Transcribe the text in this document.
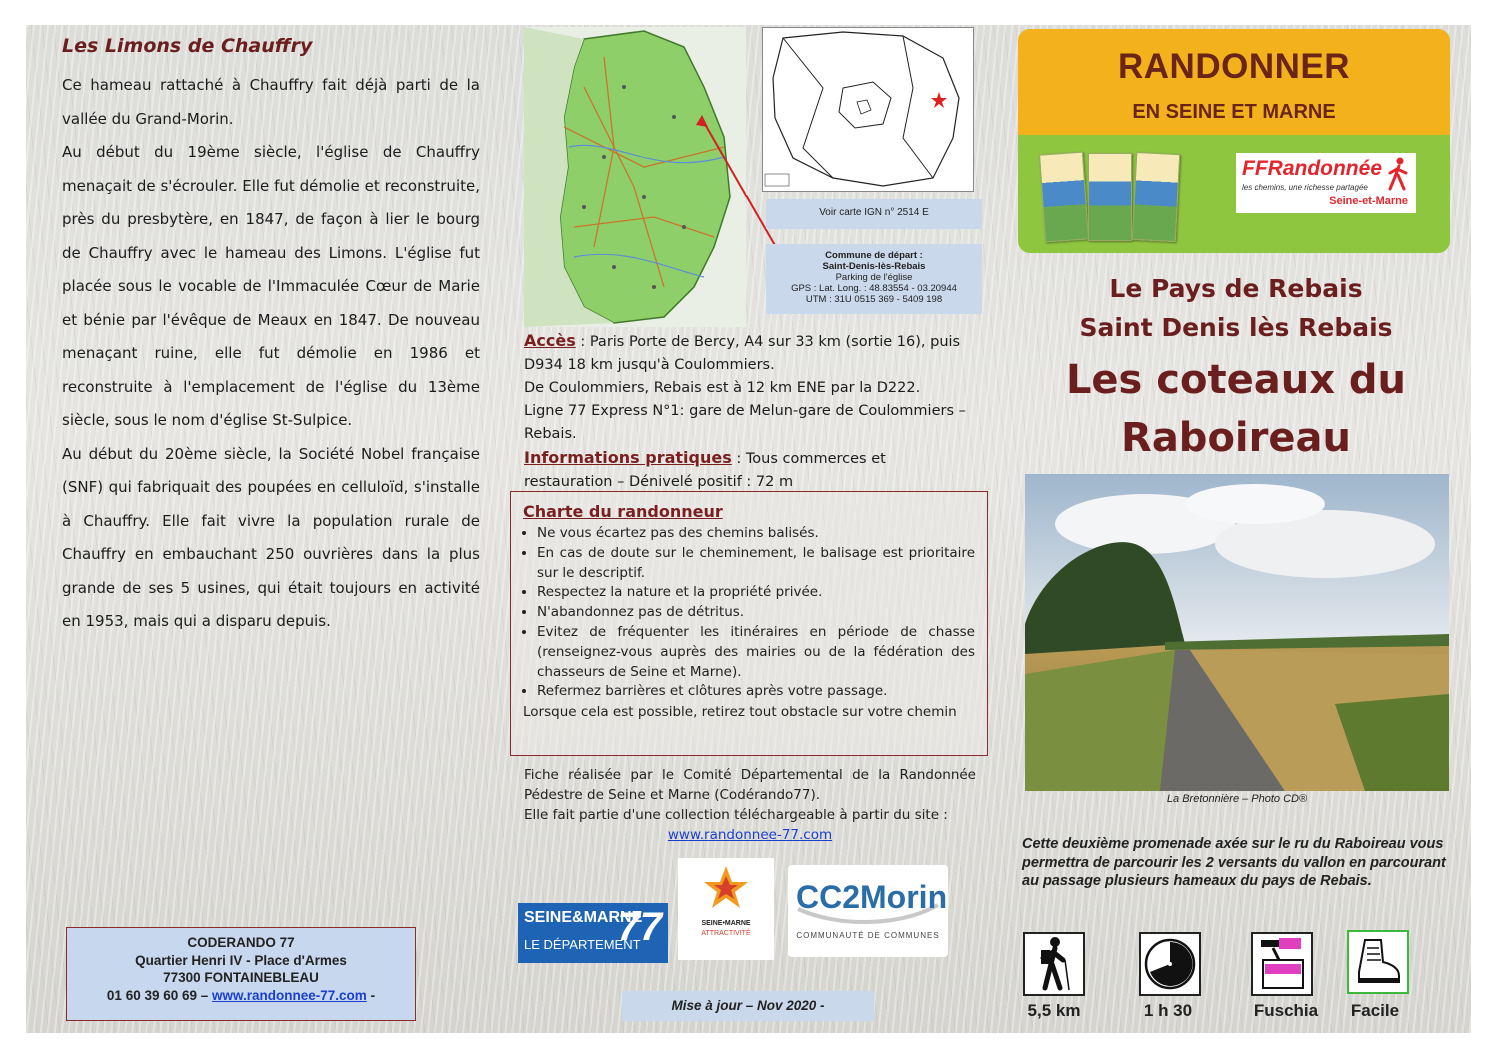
Les Limons de Chauffry

Ce hameau rattaché à Chauffry fait déjà parti de la vallée du Grand-Morin.

Au début du 19ème siècle, l'église de Chauffry menaçait de s'écrouler. Elle fut démolie et reconstruite, près du presbytère, en 1847, de façon à lier le bourg de Chauffry avec le hameau des Limons. L'église fut placée sous le vocable de l'Immaculée Cœur de Marie et bénie par l'évêque de Meaux en 1847. De nouveau menaçant ruine, elle fut démolie en 1986 et reconstruite à l'emplacement de l'église du 13ème siècle, sous le nom d'église St-Sulpice.

Au début du 20ème siècle, la Société Nobel française (SNF) qui fabriquait des poupées en celluloïd, s'installe à Chauffry. Elle fait vivre la population rurale de Chauffry en embauchant 250 ouvrières dans la plus grande de ses 5 usines, qui était toujours en activité en 1953, mais qui a disparu depuis.

CODERANDO 77
Quartier Henri IV - Place d'Armes
77300 FONTAINEBLEAU
01 60 39 60 69 – www.randonnee-77.com -
Voir carte IGN n° 2514 E
Commune de départ :
Saint-Denis-lès-Rebais
Parking de l'église
GPS : Lat. Long. : 48.83554 - 03.20944
UTM : 31U 0515 369 - 5409 198
Accès : Paris Porte de Bercy, A4 sur 33 km (sortie 16), puis D934 18 km jusqu'à Coulommiers.
De Coulommiers, Rebais est à 12 km ENE par la D222.
Ligne 77 Express N°1: gare de Melun-gare de Coulommiers – Rebais.
Informations pratiques : Tous commerces et restauration – Dénivelé positif : 72 m
Charte du randonneur
• Ne vous écartez pas des chemins balisés.
• En cas de doute sur le cheminement, le balisage est prioritaire sur le descriptif.
• Respectez la nature et la propriété privée.
• N'abandonnez pas de détritus.
• Evitez de fréquenter les itinéraires en période de chasse (renseignez-vous auprès des mairies ou de la fédération des chasseurs de Seine et Marne).
• Refermez barrières et clôtures après votre passage.

Lorsque cela est possible, retirez tout obstacle sur votre chemin

Fiche réalisée par le Comité Départemental de la Randonnée Pédestre de Seine et Marne (Codérando77).
Elle fait partie d'une collection téléchargeable à partir du site :
www.randonnee-77.com
SEINE&MARNE
LE DÉPARTEMENT
77	SEINE•MARNE
ATTRACTIVITÉ
CC2Morin
COMMUNAUTÉ DE COMMUNES
Mise à jour – Nov 2020 -
RANDONNER
EN SEINE ET MARNE
FFRandonnée
les chemins, une richesse partagée
Seine-et-Marne
Le Pays de Rebais
Saint Denis lès Rebais
Les coteaux du
Raboireau
La Bretonnière – Photo CD®
Cette deuxième promenade axée sur le ru du Raboireau vous permettra de parcourir les 2 versants du vallon en parcourant au passage plusieurs hameaux du pays de Rebais.
5,5 km	1 h 30	Fuschia	Facile
